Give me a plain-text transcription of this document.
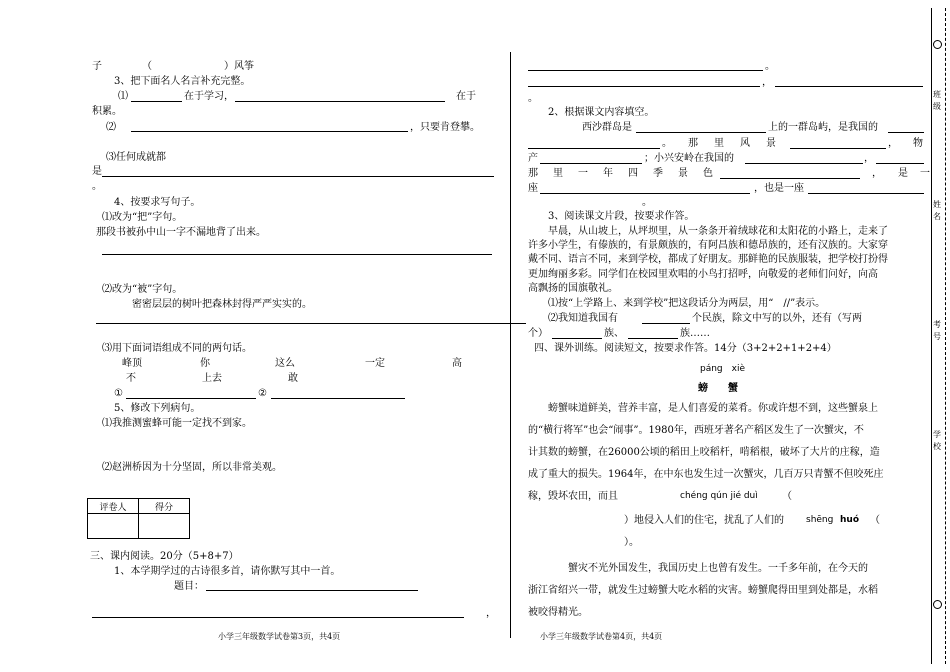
子	（	）风筝
3、把下面名人名言补充完整。
⑴	在于学习，	在于
积累。
⑵	，只要肯登攀。
⑶任何成就都
是
。
4、按要求写句子。
⑴改为“把”字句。
那段书被孙中山一字不漏地背了出来。
⑵改为“被”字句。
密密层层的树叶把森林封得严严实实的。
⑶用下面词语组成不同的两句话。
峰顶	你	这么	一定	高
不	上去	敢
①	②
5、修改下列病句。
⑴我推测蜜蜂可能一定找不到家。
⑵赵洲桥因为十分坚固，所以非常美观。
评卷人	得分

三、课内阅读。20分（5+8+7）
1、本学期学过的古诗很多首，请你默写其中一首。
题目：
，
小学三年级数学试卷第3页，共4页
。
，
。
2、根据课文内容填空。
西沙群岛是	上的一群岛屿，是我国的
。 那 里 风 景	， 物
产	；小兴安岭在我国的	，
那 里 一 年 四 季 景 色	， 是 一
座	，也是一座
。
3、阅读课文片段，按要求作答。
早晨，从山坡上，从坪坝里，从一条条开着绒球花和太阳花的小路上，走来了
许多小学生，有傣族的，有景颇族的，有阿昌族和德昂族的，还有汉族的。大家穿
戴不同、语言不同，来到学校，都成了好朋友。那鲜艳的民族服装，把学校打扮得
更加绚丽多彩。同学们在校园里欢唱的小鸟打招呼，向敬爱的老师们问好，向高
高飘扬的国旗敬礼。
⑴按“上学路上、来到学校”把这段话分为两层，用“　//”表示。
⑵我知道我国有	个民族，除文中写的以外，还有（写两
个）	族、	族……
四、课外训练。阅读短文，按要求作答。14分（3+2+2+1+2+4）
páng　xiè
螃　　蟹
螃蟹味道鲜美，营养丰富，是人们喜爱的菜肴。你或许想不到，这些蟹泉上
的“横行将军”也会“闹事”。1980年，西班牙著名产稻区发生了一次蟹灾，不
计其数的螃蟹，在26000公顷的稻田上咬稻杆，啃稻根，破坏了大片的庄稼，造
成了重大的损失。1964年，在中东也发生过一次蟹灾，几百万只青蟹不但咬死庄
稼，毁坏农田，而且	chéng qún jié duì （
）地侵入人们的住宅，扰乱了人们的 shēng huó （
）。
蟹灾不光外国发生，我国历史上也曾有发生。一千多年前，在今天的
浙江省绍兴一带，就发生过螃蟹大吃水稻的灾害。螃蟹爬得田里到处都是，水稻
被咬得精光。
小学三年级数学试卷第4页，共4页
班
级
姓
名
考
号
学
校
